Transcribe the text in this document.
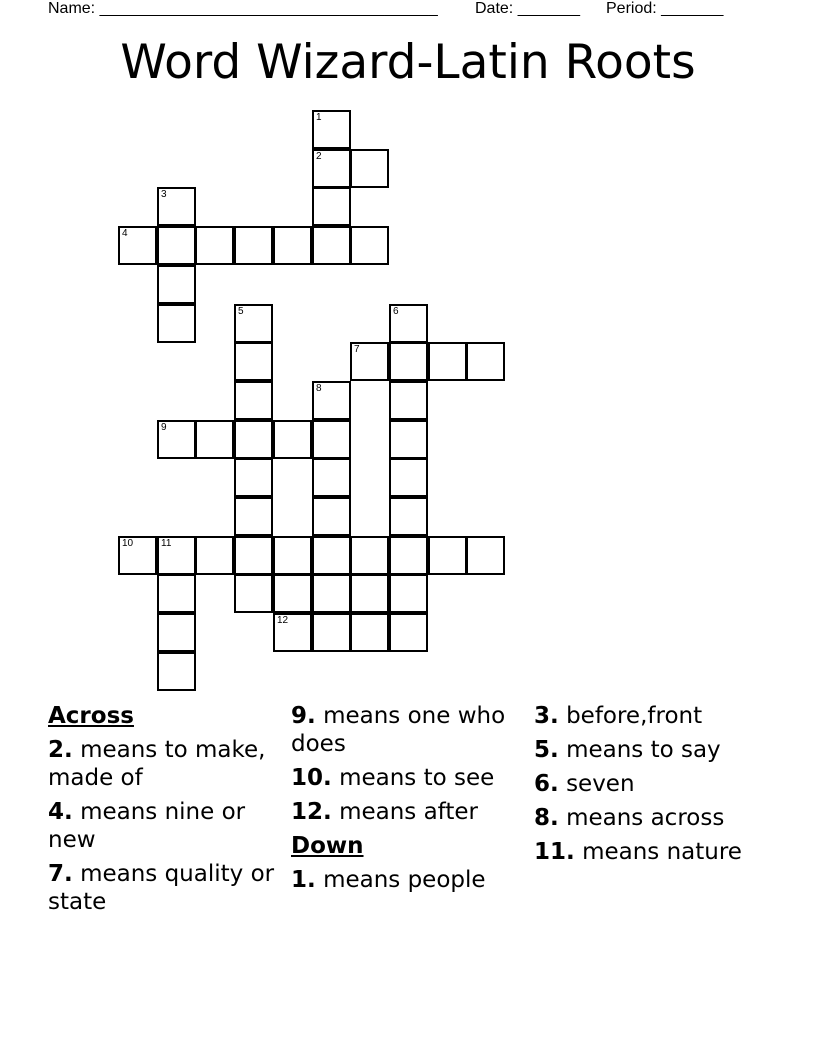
Name: ______________________________________

Date: _______

Period: _______

Word Wizard-Latin Roots
1
2
3
4
5	6
7
8
9
10	11
12
Across
2. means to make, made of
4. means nine or new
7. means quality or state
9. means one who does
10. means to see
12. means after
Down
1. means people
3. before,front
5. means to say
6. seven
8. means across
11. means nature
